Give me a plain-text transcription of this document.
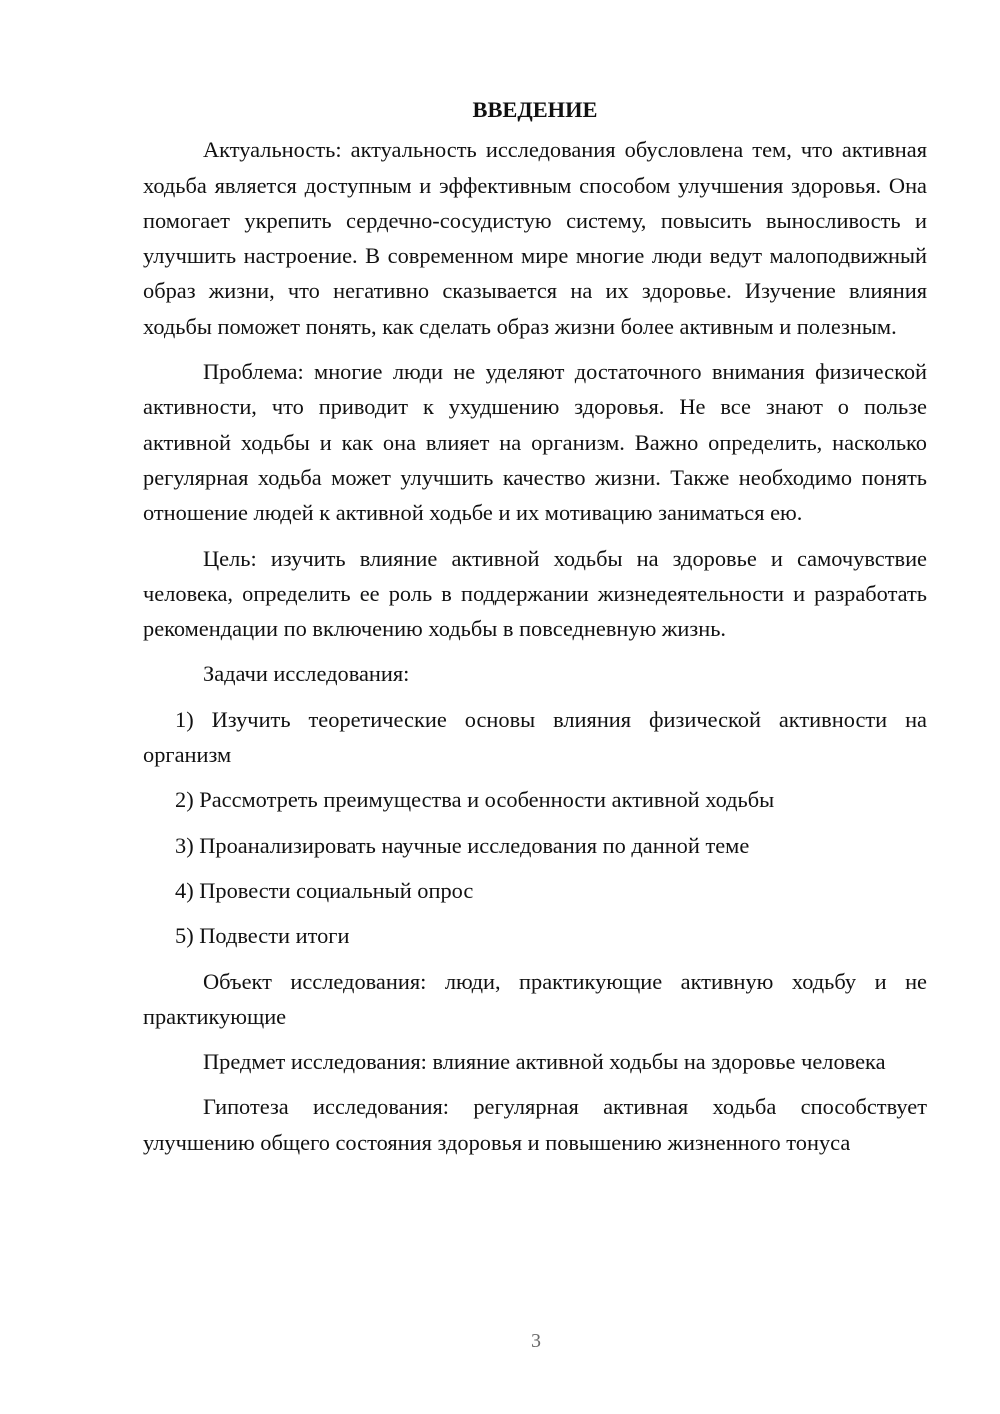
ВВЕДЕНИЕ

Актуальность: актуальность исследования обусловлена тем, что активная ходьба является доступным и эффективным способом улучшения здоровья. Она помогает укрепить сердечно-сосудистую систему, повысить выносливость и улучшить настроение. В современном мире многие люди ведут малоподвижный образ жизни, что негативно сказывается на их здоровье. Изучение влияния ходьбы поможет понять, как сделать образ жизни более активным и полезным.

Проблема: многие люди не уделяют достаточного внимания физической активности, что приводит к ухудшению здоровья. Не все знают о пользе активной ходьбы и как она влияет на организм. Важно определить, насколько регулярная ходьба может улучшить качество жизни. Также необходимо понять отношение людей к активной ходьбе и их мотивацию заниматься ею.

Цель: изучить влияние активной ходьбы на здоровье и самочувствие человека, определить ее роль в поддержании жизнедеятельности и разработать рекомендации по включению ходьбы в повседневную жизнь.

Задачи исследования:

1) Изучить теоретические основы влияния физической активности на организм

2) Рассмотреть преимущества и особенности активной ходьбы

3) Проанализировать научные исследования по данной теме

4) Провести социальный опрос

5) Подвести итоги

Объект исследования: люди, практикующие активную ходьбу и не практикующие

Предмет исследования: влияние активной ходьбы на здоровье человека

Гипотеза исследования: регулярная активная ходьба способствует улучшению общего состояния здоровья и повышению жизненного тонуса

3
